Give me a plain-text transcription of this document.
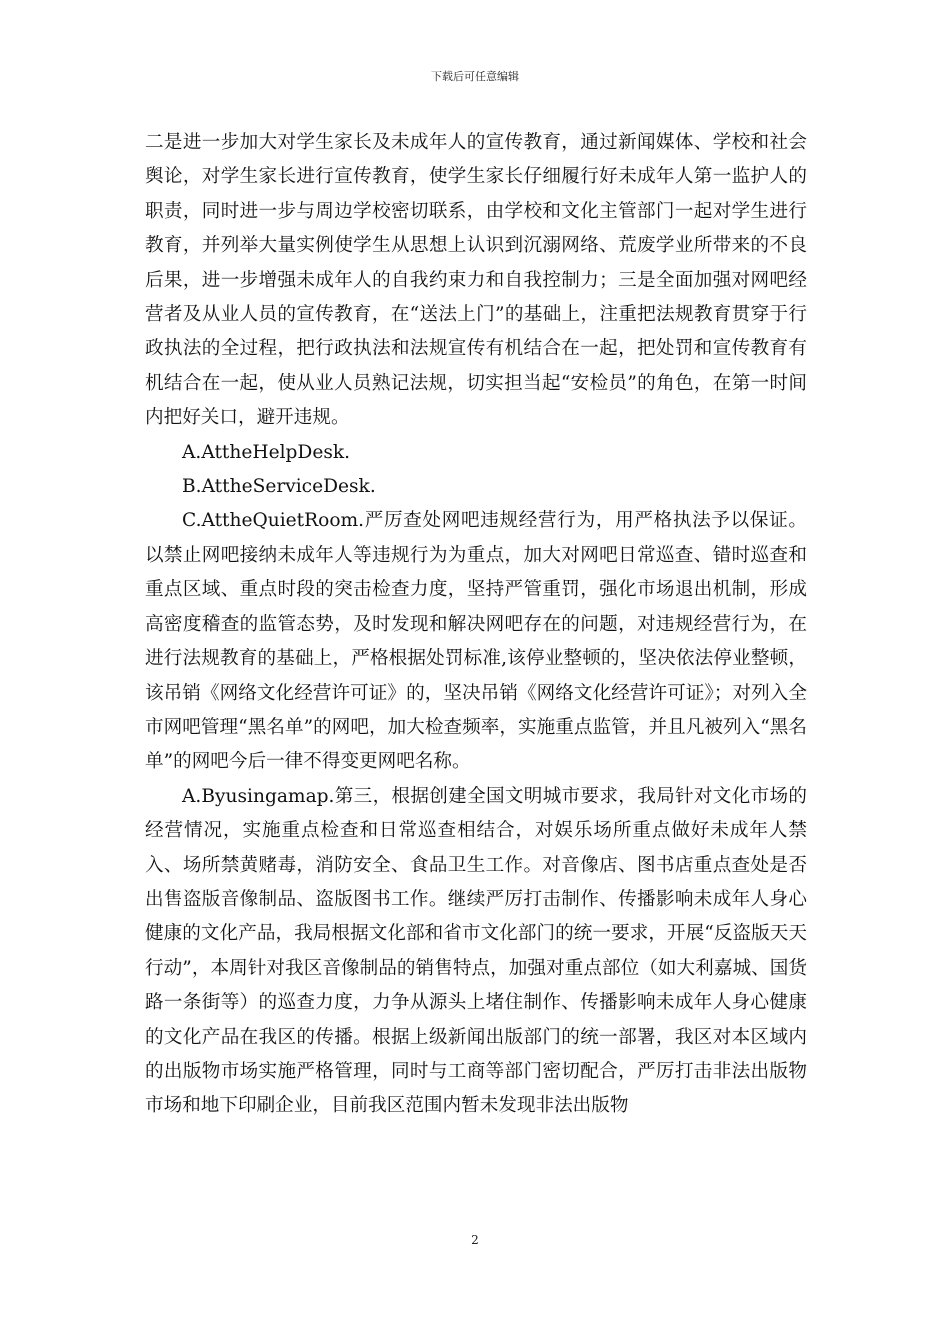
下载后可任意编辑

二是进一步加大对学生家长及未成年人的宣传教育，通过新闻媒体、学校和社会舆论，对学生家长进行宣传教育，使学生家长仔细履行好未成年人第一监护人的职责，同时进一步与周边学校密切联系，由学校和文化主管部门一起对学生进行教育，并列举大量实例使学生从思想上认识到沉溺网络、荒废学业所带来的不良后果，进一步增强未成年人的自我约束力和自我控制力；三是全面加强对网吧经营者及从业人员的宣传教育，在“送法上门”的基础上，注重把法规教育贯穿于行政执法的全过程，把行政执法和法规宣传有机结合在一起，把处罚和宣传教育有机结合在一起，使从业人员熟记法规，切实担当起“安检员”的角色，在第一时间内把好关口，避开违规。

A.AttheHelpDesk.

B.AttheServiceDesk.

C.AttheQuietRoom.严厉查处网吧违规经营行为，用严格执法予以保证。以禁止网吧接纳未成年人等违规行为为重点，加大对网吧日常巡查、错时巡查和重点区域、重点时段的突击检查力度，坚持严管重罚，强化市场退出机制，形成高密度稽查的监管态势，及时发现和解决网吧存在的问题，对违规经营行为，在进行法规教育的基础上，严格根据处罚标准,该停业整顿的，坚决依法停业整顿，该吊销《网络文化经营许可证》的，坚决吊销《网络文化经营许可证》；对列入全市网吧管理“黑名单”的网吧，加大检查频率，实施重点监管，并且凡被列入“黑名单”的网吧今后一律不得变更网吧名称。

A.Byusingamap.第三，根据创建全国文明城市要求，我局针对文化市场的经营情况，实施重点检查和日常巡查相结合，对娱乐场所重点做好未成年人禁入、场所禁黄赌毒，消防安全、食品卫生工作。对音像店、图书店重点查处是否出售盗版音像制品、盗版图书工作。继续严厉打击制作、传播影响未成年人身心健康的文化产品，我局根据文化部和省市文化部门的统一要求，开展“反盗版天天行动”，本周针对我区音像制品的销售特点，加强对重点部位（如大利嘉城、国货路一条街等）的巡查力度，力争从源头上堵住制作、传播影响未成年人身心健康的文化产品在我区的传播。根据上级新闻出版部门的统一部署，我区对本区域内的出版物市场实施严格管理，同时与工商等部门密切配合，严厉打击非法出版物市场和地下印刷企业，目前我区范围内暂未发现非法出版物

2
